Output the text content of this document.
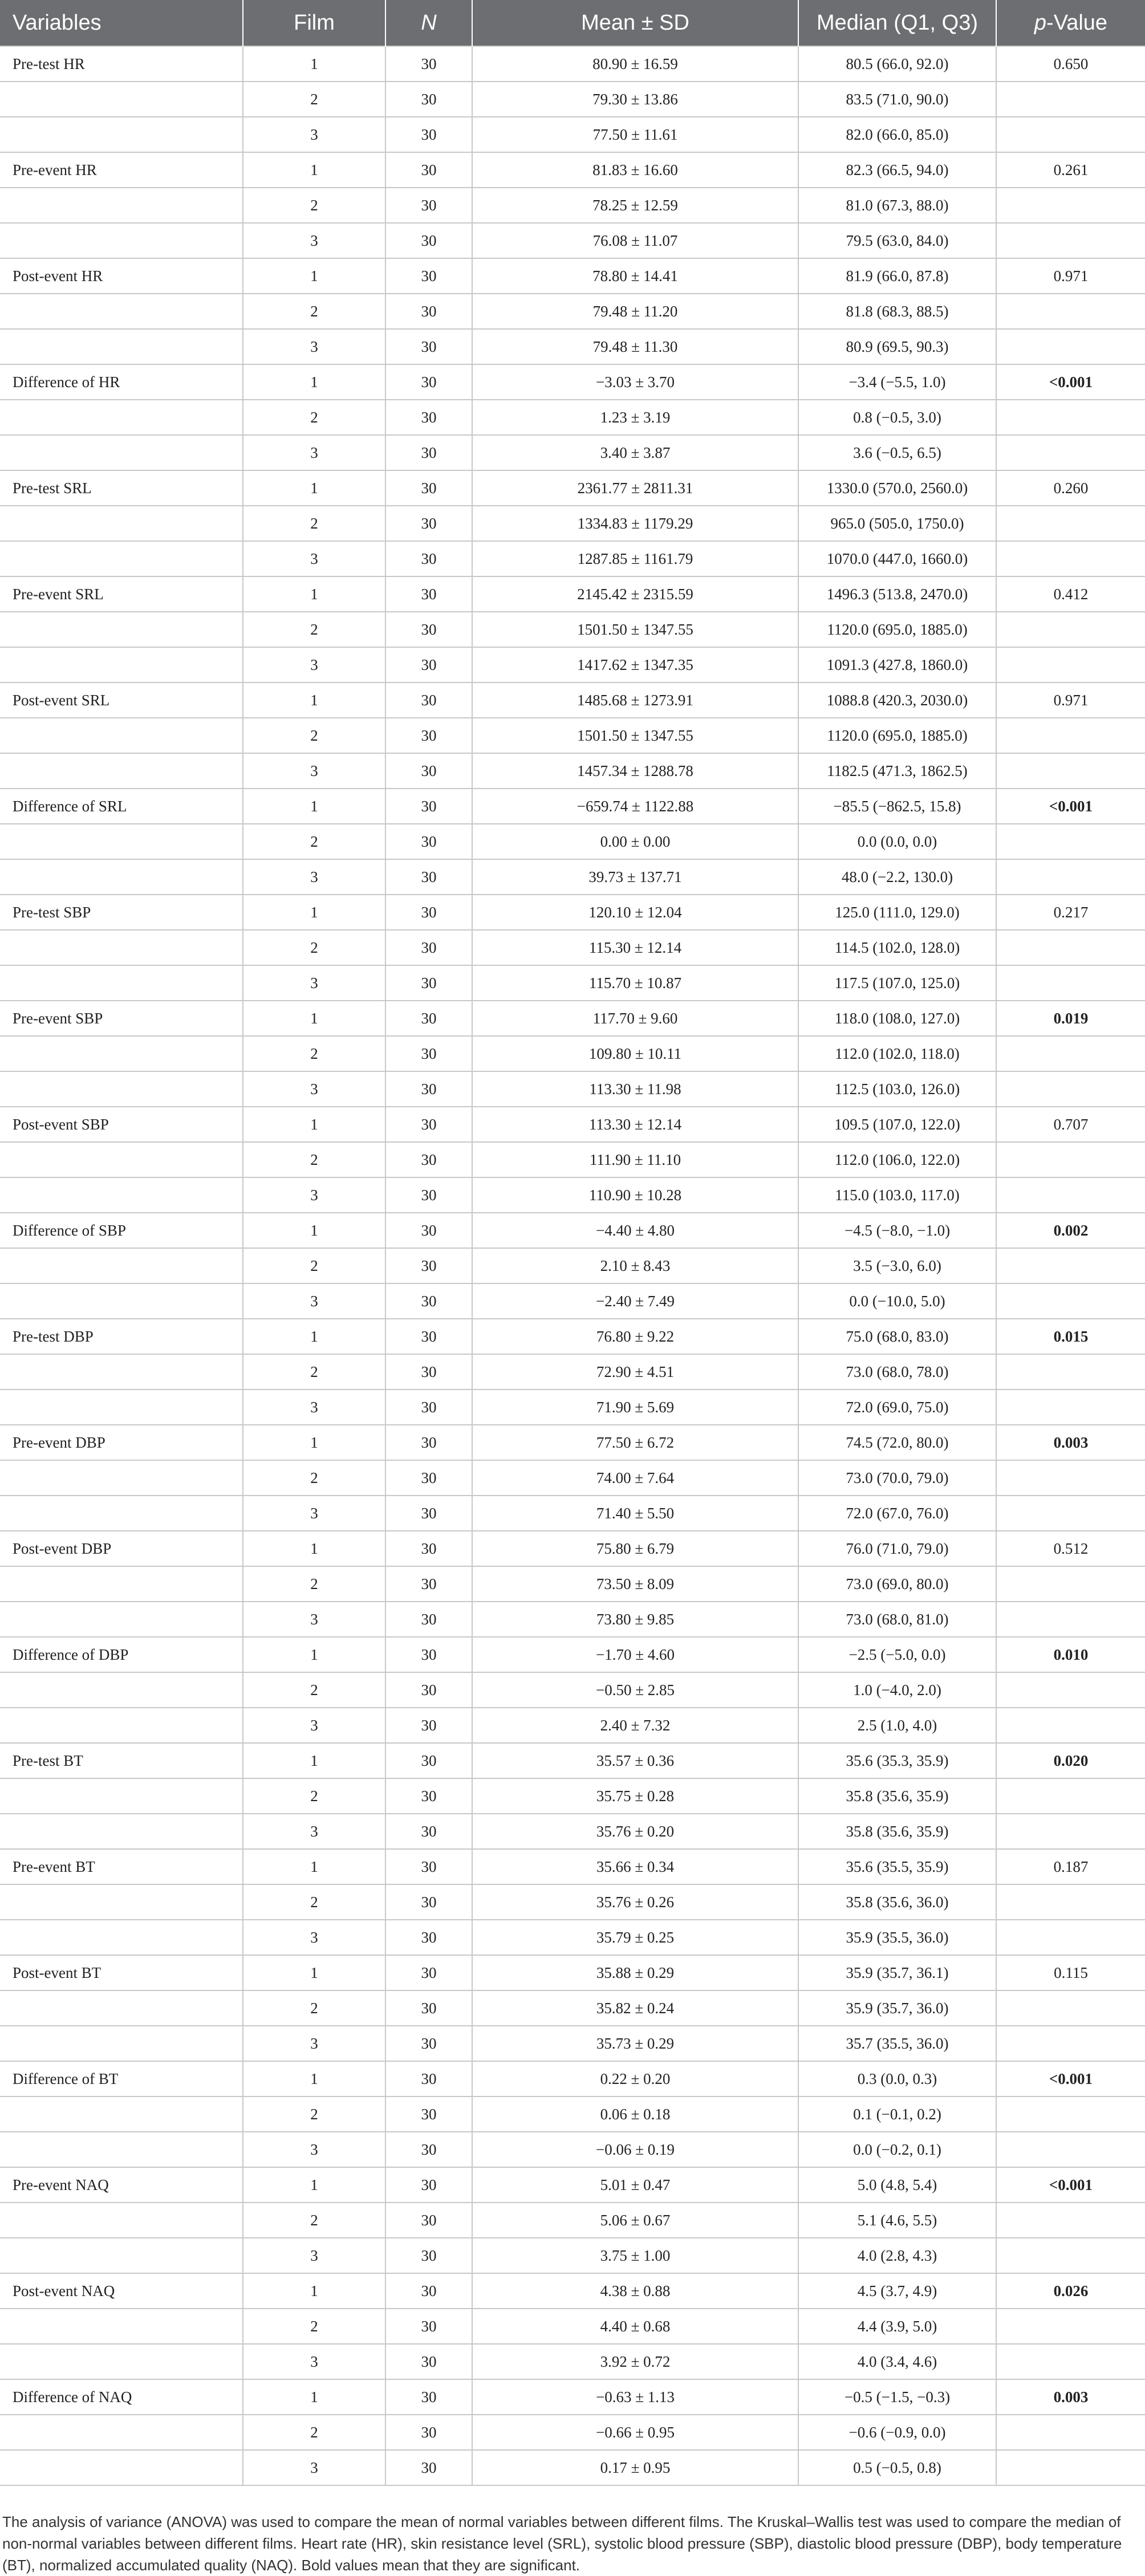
Variables	Film	N	Mean ± SD	Median (Q1, Q3)	p-Value
Pre-test HR	1	30	80.90 ± 16.59	80.5 (66.0, 92.0)	0.650
	2	30	79.30 ± 13.86	83.5 (71.0, 90.0)	
	3	30	77.50 ± 11.61	82.0 (66.0, 85.0)	
Pre-event HR	1	30	81.83 ± 16.60	82.3 (66.5, 94.0)	0.261
	2	30	78.25 ± 12.59	81.0 (67.3, 88.0)	
	3	30	76.08 ± 11.07	79.5 (63.0, 84.0)	
Post-event HR	1	30	78.80 ± 14.41	81.9 (66.0, 87.8)	0.971
	2	30	79.48 ± 11.20	81.8 (68.3, 88.5)	
	3	30	79.48 ± 11.30	80.9 (69.5, 90.3)	
Difference of HR	1	30	−3.03 ± 3.70	−3.4 (−5.5, 1.0)	<0.001
	2	30	1.23 ± 3.19	0.8 (−0.5, 3.0)	
	3	30	3.40 ± 3.87	3.6 (−0.5, 6.5)	
Pre-test SRL	1	30	2361.77 ± 2811.31	1330.0 (570.0, 2560.0)	0.260
	2	30	1334.83 ± 1179.29	965.0 (505.0, 1750.0)	
	3	30	1287.85 ± 1161.79	1070.0 (447.0, 1660.0)	
Pre-event SRL	1	30	2145.42 ± 2315.59	1496.3 (513.8, 2470.0)	0.412
	2	30	1501.50 ± 1347.55	1120.0 (695.0, 1885.0)	
	3	30	1417.62 ± 1347.35	1091.3 (427.8, 1860.0)	
Post-event SRL	1	30	1485.68 ± 1273.91	1088.8 (420.3, 2030.0)	0.971
	2	30	1501.50 ± 1347.55	1120.0 (695.0, 1885.0)	
	3	30	1457.34 ± 1288.78	1182.5 (471.3, 1862.5)	
Difference of SRL	1	30	−659.74 ± 1122.88	−85.5 (−862.5, 15.8)	<0.001
	2	30	0.00 ± 0.00	0.0 (0.0, 0.0)	
	3	30	39.73 ± 137.71	48.0 (−2.2, 130.0)	
Pre-test SBP	1	30	120.10 ± 12.04	125.0 (111.0, 129.0)	0.217
	2	30	115.30 ± 12.14	114.5 (102.0, 128.0)	
	3	30	115.70 ± 10.87	117.5 (107.0, 125.0)	
Pre-event SBP	1	30	117.70 ± 9.60	118.0 (108.0, 127.0)	0.019
	2	30	109.80 ± 10.11	112.0 (102.0, 118.0)	
	3	30	113.30 ± 11.98	112.5 (103.0, 126.0)	
Post-event SBP	1	30	113.30 ± 12.14	109.5 (107.0, 122.0)	0.707
	2	30	111.90 ± 11.10	112.0 (106.0, 122.0)	
	3	30	110.90 ± 10.28	115.0 (103.0, 117.0)	
Difference of SBP	1	30	−4.40 ± 4.80	−4.5 (−8.0, −1.0)	0.002
	2	30	2.10 ± 8.43	3.5 (−3.0, 6.0)	
	3	30	−2.40 ± 7.49	0.0 (−10.0, 5.0)	
Pre-test DBP	1	30	76.80 ± 9.22	75.0 (68.0, 83.0)	0.015
	2	30	72.90 ± 4.51	73.0 (68.0, 78.0)	
	3	30	71.90 ± 5.69	72.0 (69.0, 75.0)	
Pre-event DBP	1	30	77.50 ± 6.72	74.5 (72.0, 80.0)	0.003
	2	30	74.00 ± 7.64	73.0 (70.0, 79.0)	
	3	30	71.40 ± 5.50	72.0 (67.0, 76.0)	
Post-event DBP	1	30	75.80 ± 6.79	76.0 (71.0, 79.0)	0.512
	2	30	73.50 ± 8.09	73.0 (69.0, 80.0)	
	3	30	73.80 ± 9.85	73.0 (68.0, 81.0)	
Difference of DBP	1	30	−1.70 ± 4.60	−2.5 (−5.0, 0.0)	0.010
	2	30	−0.50 ± 2.85	1.0 (−4.0, 2.0)	
	3	30	2.40 ± 7.32	2.5 (1.0, 4.0)	
Pre-test BT	1	30	35.57 ± 0.36	35.6 (35.3, 35.9)	0.020
	2	30	35.75 ± 0.28	35.8 (35.6, 35.9)	
	3	30	35.76 ± 0.20	35.8 (35.6, 35.9)	
Pre-event BT	1	30	35.66 ± 0.34	35.6 (35.5, 35.9)	0.187
	2	30	35.76 ± 0.26	35.8 (35.6, 36.0)	
	3	30	35.79 ± 0.25	35.9 (35.5, 36.0)	
Post-event BT	1	30	35.88 ± 0.29	35.9 (35.7, 36.1)	0.115
	2	30	35.82 ± 0.24	35.9 (35.7, 36.0)	
	3	30	35.73 ± 0.29	35.7 (35.5, 36.0)	
Difference of BT	1	30	0.22 ± 0.20	0.3 (0.0, 0.3)	<0.001
	2	30	0.06 ± 0.18	0.1 (−0.1, 0.2)	
	3	30	−0.06 ± 0.19	0.0 (−0.2, 0.1)	
Pre-event NAQ	1	30	5.01 ± 0.47	5.0 (4.8, 5.4)	<0.001
	2	30	5.06 ± 0.67	5.1 (4.6, 5.5)	
	3	30	3.75 ± 1.00	4.0 (2.8, 4.3)	
Post-event NAQ	1	30	4.38 ± 0.88	4.5 (3.7, 4.9)	0.026
	2	30	4.40 ± 0.68	4.4 (3.9, 5.0)	
	3	30	3.92 ± 0.72	4.0 (3.4, 4.6)	
Difference of NAQ	1	30	−0.63 ± 1.13	−0.5 (−1.5, −0.3)	0.003
	2	30	−0.66 ± 0.95	−0.6 (−0.9, 0.0)	
	3	30	0.17 ± 0.95	0.5 (−0.5, 0.8)	

The analysis of variance (ANOVA) was used to compare the mean of normal variables between different films. The Kruskal–Wallis test was used to compare the median of non-normal variables between different films. Heart rate (HR), skin resistance level (SRL), systolic blood pressure (SBP), diastolic blood pressure (DBP), body temperature (BT), normalized accumulated quality (NAQ). Bold values mean that they are significant.
